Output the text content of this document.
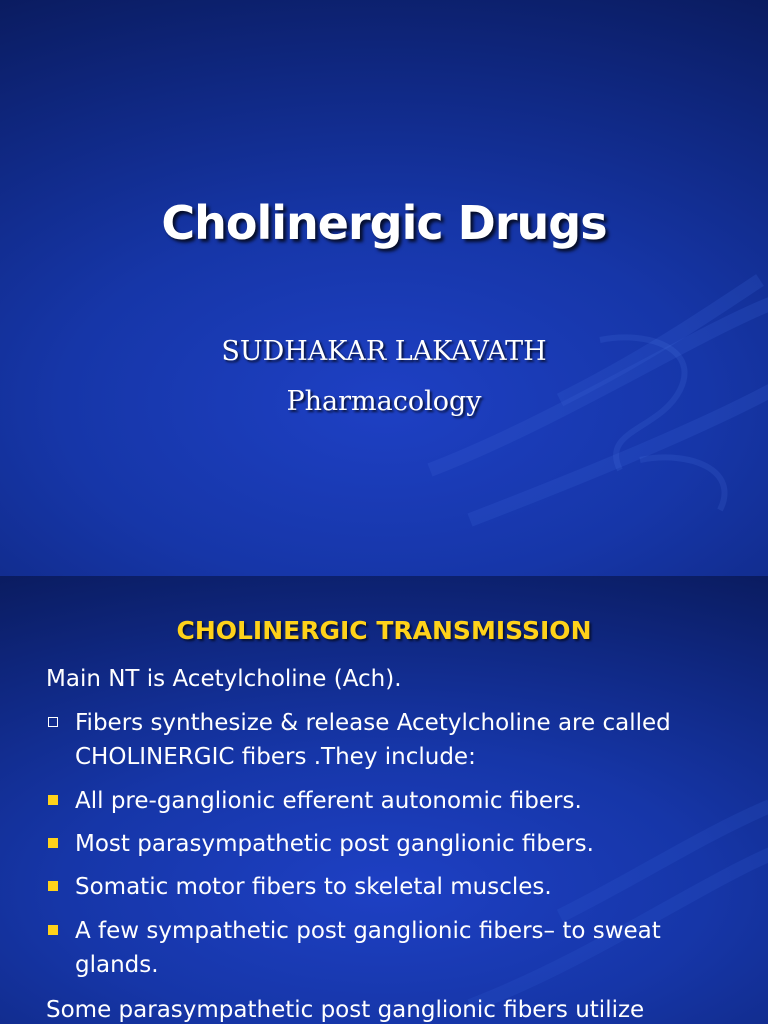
Cholinergic Drugs
SUDHAKAR LAKAVATH
Pharmacology
CHOLINERGIC TRANSMISSION
Main NT is Acetylcholine (Ach).
Fibers synthesize & release Acetylcholine are called
CHOLINERGIC fibers .They include:
All pre-ganglionic efferent autonomic fibers.
Most parasympathetic post ganglionic fibers.
Somatic motor fibers to skeletal muscles.
A few sympathetic post ganglionic fibers– to sweat
glands.
Some parasympathetic post ganglionic fibers utilize
